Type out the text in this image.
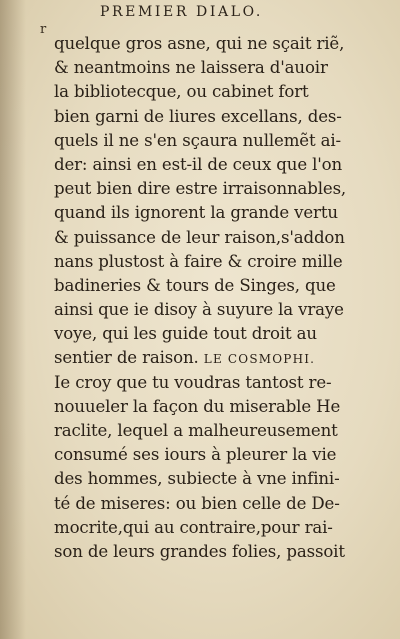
PREMIER DIALO.
r
quelque gros asne, qui ne sçait riẽ,
& neantmoins ne laissera d'auoir
la bibliotecque, ou cabinet fort
bien garni de liures excellans, des-
quels il ne s'en sçaura nullemẽt ai-
der: ainsi en est-il de ceux que l'on
peut bien dire estre irraisonnables,
quand ils ignorent la grande vertu
& puissance de leur raison,s'addon
nans plustost à faire & croire mille
badineries & tours de Singes, que
ainsi que ie disoy à suyure la vraye
voye, qui les guide tout droit au
sentier de raison. LE COSMOPHI.
Ie croy que tu voudras tantost re-
nouueler la façon du miserable He
raclite, lequel a malheureusement
consumé ses iours à pleurer la vie
des hommes, subiecte à vne infini-
té de miseres: ou bien celle de De-
mocrite,qui au contraire,pour rai-
son de leurs grandes folies, passoit
